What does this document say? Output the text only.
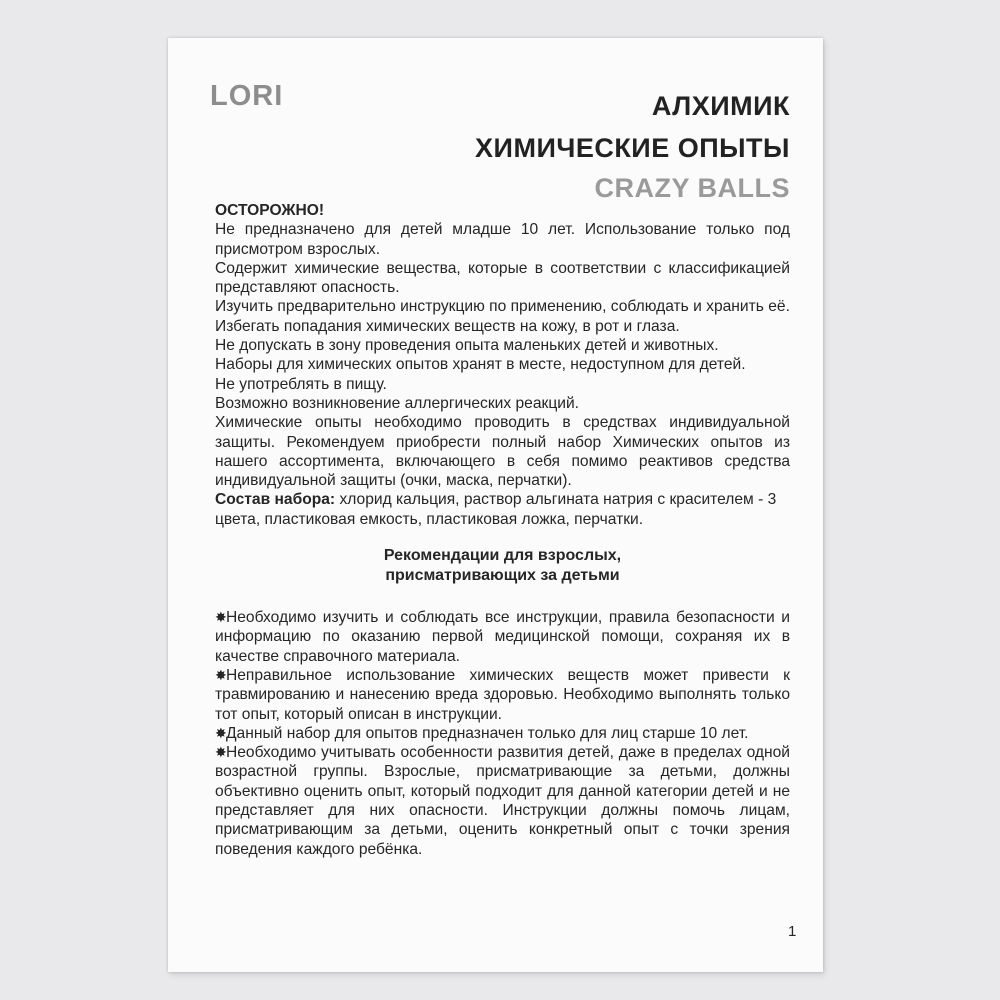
LORI	АЛХИМИК
ХИМИЧЕСКИЕ ОПЫТЫ
CRAZY BALLS

ОСТОРОЖНО!

Не предназначено для детей младше 10 лет. Использование только под присмотром взрослых.

Содержит химические вещества, которые в соответствии с классификацией представляют опасность.

Изучить предварительно инструкцию по применению, соблюдать и хранить её.

Избегать попадания химических веществ на кожу, в рот и глаза.

Не допускать в зону проведения опыта маленьких детей и животных.

Наборы для химических опытов хранят в месте, недоступном для детей.

Не употреблять в пищу.

Возможно возникновение аллергических реакций.

Химические опыты необходимо проводить в средствах индивидуальной защиты. Рекомендуем приобрести полный набор Химических опытов из нашего ассортимента, включающего в себя помимо реактивов средства индивидуальной защиты (очки, маска, перчатки).

Состав набора: хлорид кальция, раствор альгината натрия с красителем - 3 цвета, пластиковая емкость, пластиковая ложка, перчатки.

Рекомендации для взрослых,
присматривающих за детьми

✸Необходимо изучить и соблюдать все инструкции, правила безопасности и информацию по оказанию первой медицинской помощи, сохраняя их в качестве справочного материала.

✸Неправильное использование химических веществ может привести к травмированию и нанесению вреда здоровью. Необходимо выполнять только тот опыт, который описан в инструкции.

✸Данный набор для опытов предназначен только для лиц старше 10 лет.

✸Необходимо учитывать особенности развития детей, даже в пределах одной возрастной группы. Взрослые, присматривающие за детьми, должны объективно оценить опыт, который подходит для данной категории детей и не представляет для них опасности. Инструкции должны помочь лицам, присматривающим за детьми, оценить конкретный опыт с точки зрения поведения каждого ребёнка.

1
